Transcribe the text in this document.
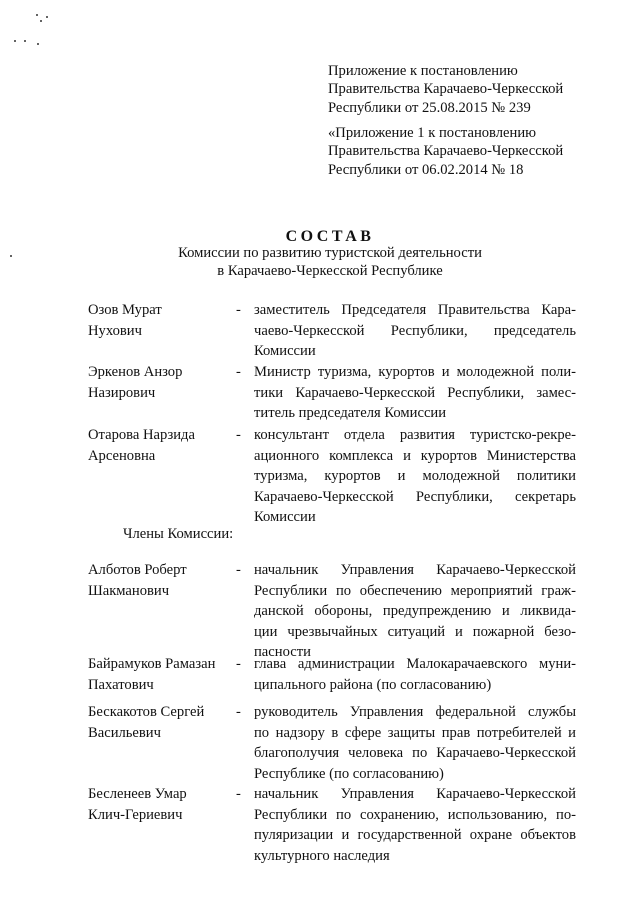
Приложение к постановлению
Правительства Карачаево-Черкесской
Республики от 25.08.2015 № 239
«Приложение 1 к постановлению
Правительства Карачаево-Черкесской
Республики от 06.02.2014 № 18
СОСТАВ
Комиссии по развитию туристской деятельности
в Карачаево-Черкесской Республике
Озов Мурат
Нухович
- заместитель Председателя Правительства Кара-
чаево-Черкесской Республики, председатель
Комиссии
Эркенов Анзор
Назирович
- Министр туризма, курортов и молодежной поли-
тики Карачаево-Черкесской Республики, замес-
титель председателя Комиссии
Отарова Нарзида
Арсеновна
- консультант отдела развития туристско-рекре-
ационного комплекса и курортов Министерства
туризма, курортов и молодежной политики
Карачаево-Черкесской Республики, секретарь
Комиссии
Алботов Роберт
Шакманович
- начальник Управления Карачаево-Черкесской
Республики по обеспечению мероприятий граж-
данской обороны, предупреждению и ликвида-
ции чрезвычайных ситуаций и пожарной безо-
пасности
Байрамуков Рамазан
Пахатович
- глава администрации Малокарачаевского муни-
ципального района (по согласованию)
Бескакотов Сергей
Васильевич
- руководитель Управления федеральной службы
по надзору в сфере защиты прав потребителей и
благополучия человека по Карачаево-Черкесской
Республике (по согласованию)
Бесленеев Умар
Клич-Гериевич
- начальник Управления Карачаево-Черкесской
Республики по сохранению, использованию, по-
пуляризации и государственной охране объектов
культурного наследия
Члены Комиссии:
